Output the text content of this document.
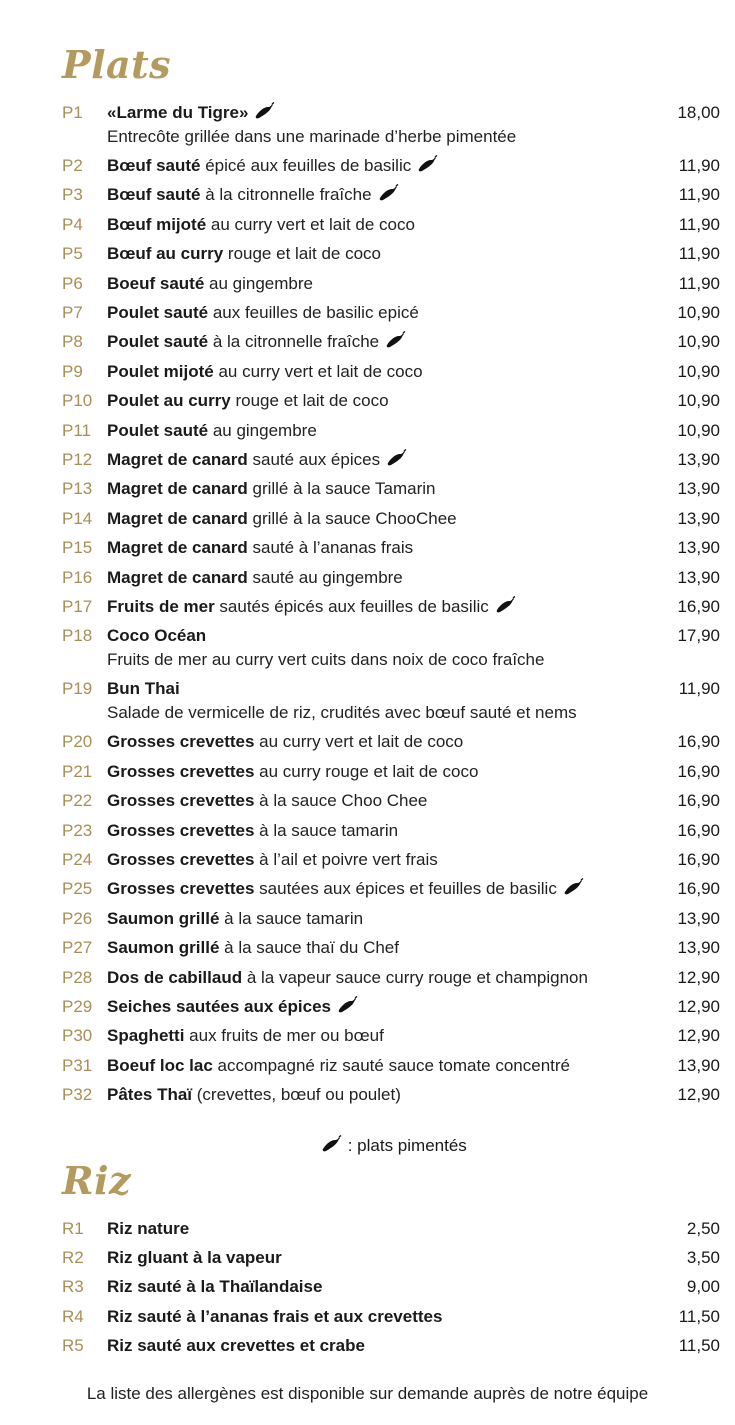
Plats
P1 «Larme du Tigre»	18,00
Entrecôte grillée dans une marinade d’herbe pimentée
P2 Bœuf sauté épicé aux feuilles de basilic	11,90
P3 Bœuf sauté à la citronnelle fraîche	11,90
P4 Bœuf mijoté au curry vert et lait de coco	11,90
P5 Bœuf au curry rouge et lait de coco	11,90
P6 Boeuf sauté au gingembre	11,90
P7 Poulet sauté aux feuilles de basilic epicé	10,90
P8 Poulet sauté à la citronnelle fraîche	10,90
P9 Poulet mijoté au curry vert et lait de coco	10,90
P10 Poulet au curry rouge et lait de coco	10,90
P11 Poulet sauté au gingembre	10,90
P12 Magret de canard sauté aux épices	13,90
P13 Magret de canard grillé à la sauce Tamarin	13,90
P14 Magret de canard grillé à la sauce ChooChee	13,90
P15 Magret de canard sauté à l’ananas frais	13,90
P16 Magret de canard sauté au gingembre	13,90
P17 Fruits de mer sautés épicés aux feuilles de basilic	16,90
P18 Coco Océan	17,90
Fruits de mer au curry vert cuits dans noix de coco fraîche
P19 Bun Thai	11,90
Salade de vermicelle de riz, crudités avec bœuf sauté et nems
P20 Grosses crevettes au curry vert et lait de coco	16,90
P21 Grosses crevettes au curry rouge et lait de coco	16,90
P22 Grosses crevettes à la sauce Choo Chee	16,90
P23 Grosses crevettes à la sauce tamarin	16,90
P24 Grosses crevettes à l’ail et poivre vert frais	16,90
P25 Grosses crevettes sautées aux épices et feuilles de basilic	16,90
P26 Saumon grillé à la sauce tamarin	13,90
P27 Saumon grillé à la sauce thaï du Chef	13,90
P28 Dos de cabillaud à la vapeur sauce curry rouge et champignon	12,90
P29 Seiches sautées aux épices	12,90
P30 Spaghetti aux fruits de mer ou bœuf	12,90
P31 Boeuf loc lac accompagné riz sauté sauce tomate concentré	13,90
P32 Pâtes Thaï (crevettes, bœuf ou poulet)	12,90
: plats pimentés
Riz
R1 Riz nature	2,50
R2 Riz gluant à la vapeur	3,50
R3 Riz sauté à la Thaïlandaise	9,00
R4 Riz sauté à l’ananas frais et aux crevettes	11,50
R5 Riz sauté aux crevettes et crabe	11,50
La liste des allergènes est disponible sur demande auprès de notre équipe
